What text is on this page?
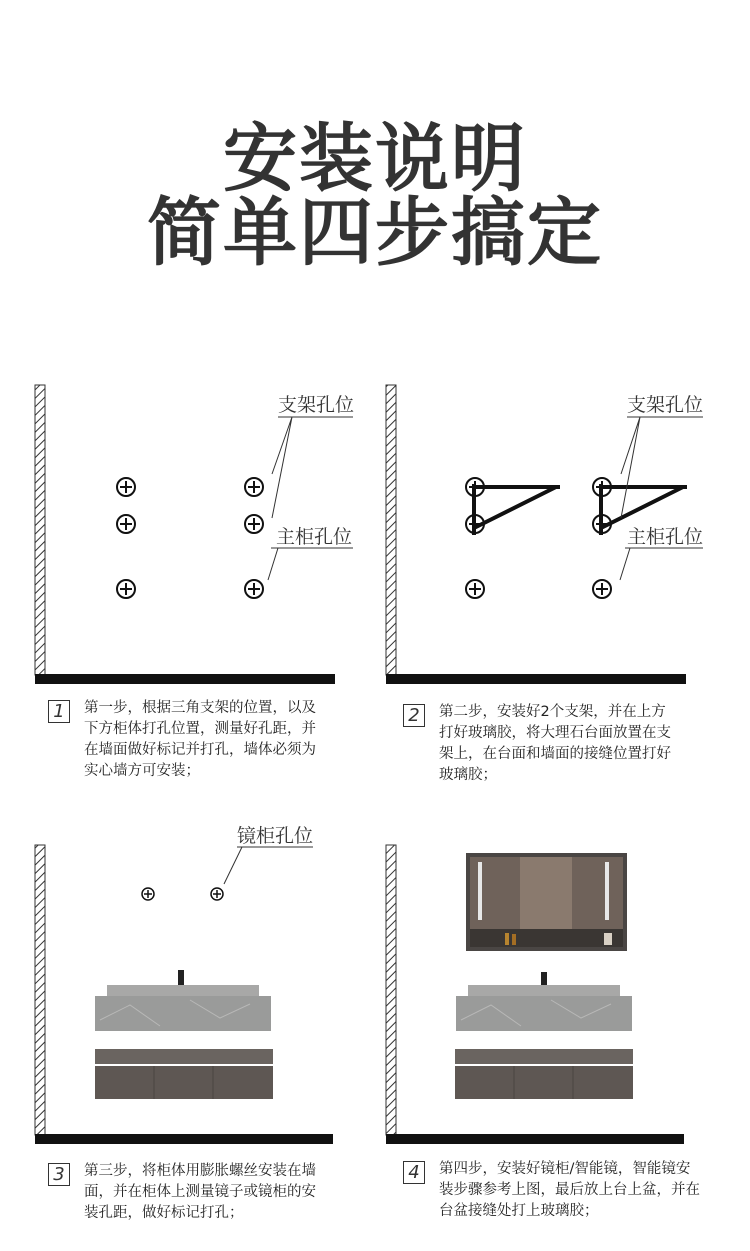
安装说明
简单四步搞定
支架孔位
主柜孔位
支架孔位
主柜孔位
镜柜孔位
1	第一步，根据三角支架的位置，以及下方柜体打孔位置，测量好孔距，并在墙面做好标记并打孔，墙体必须为实心墙方可安装；
2	第二步，安装好2个支架，并在上方打好玻璃胶，将大理石台面放置在支架上，在台面和墙面的接缝位置打好玻璃胶；
3	第三步，将柜体用膨胀螺丝安装在墙面，并在柜体上测量镜子或镜柜的安装孔距，做好标记打孔；
4	第四步，安装好镜柜/智能镜，智能镜安装步骤参考上图，最后放上台上盆，并在台盆接缝处打上玻璃胶；
